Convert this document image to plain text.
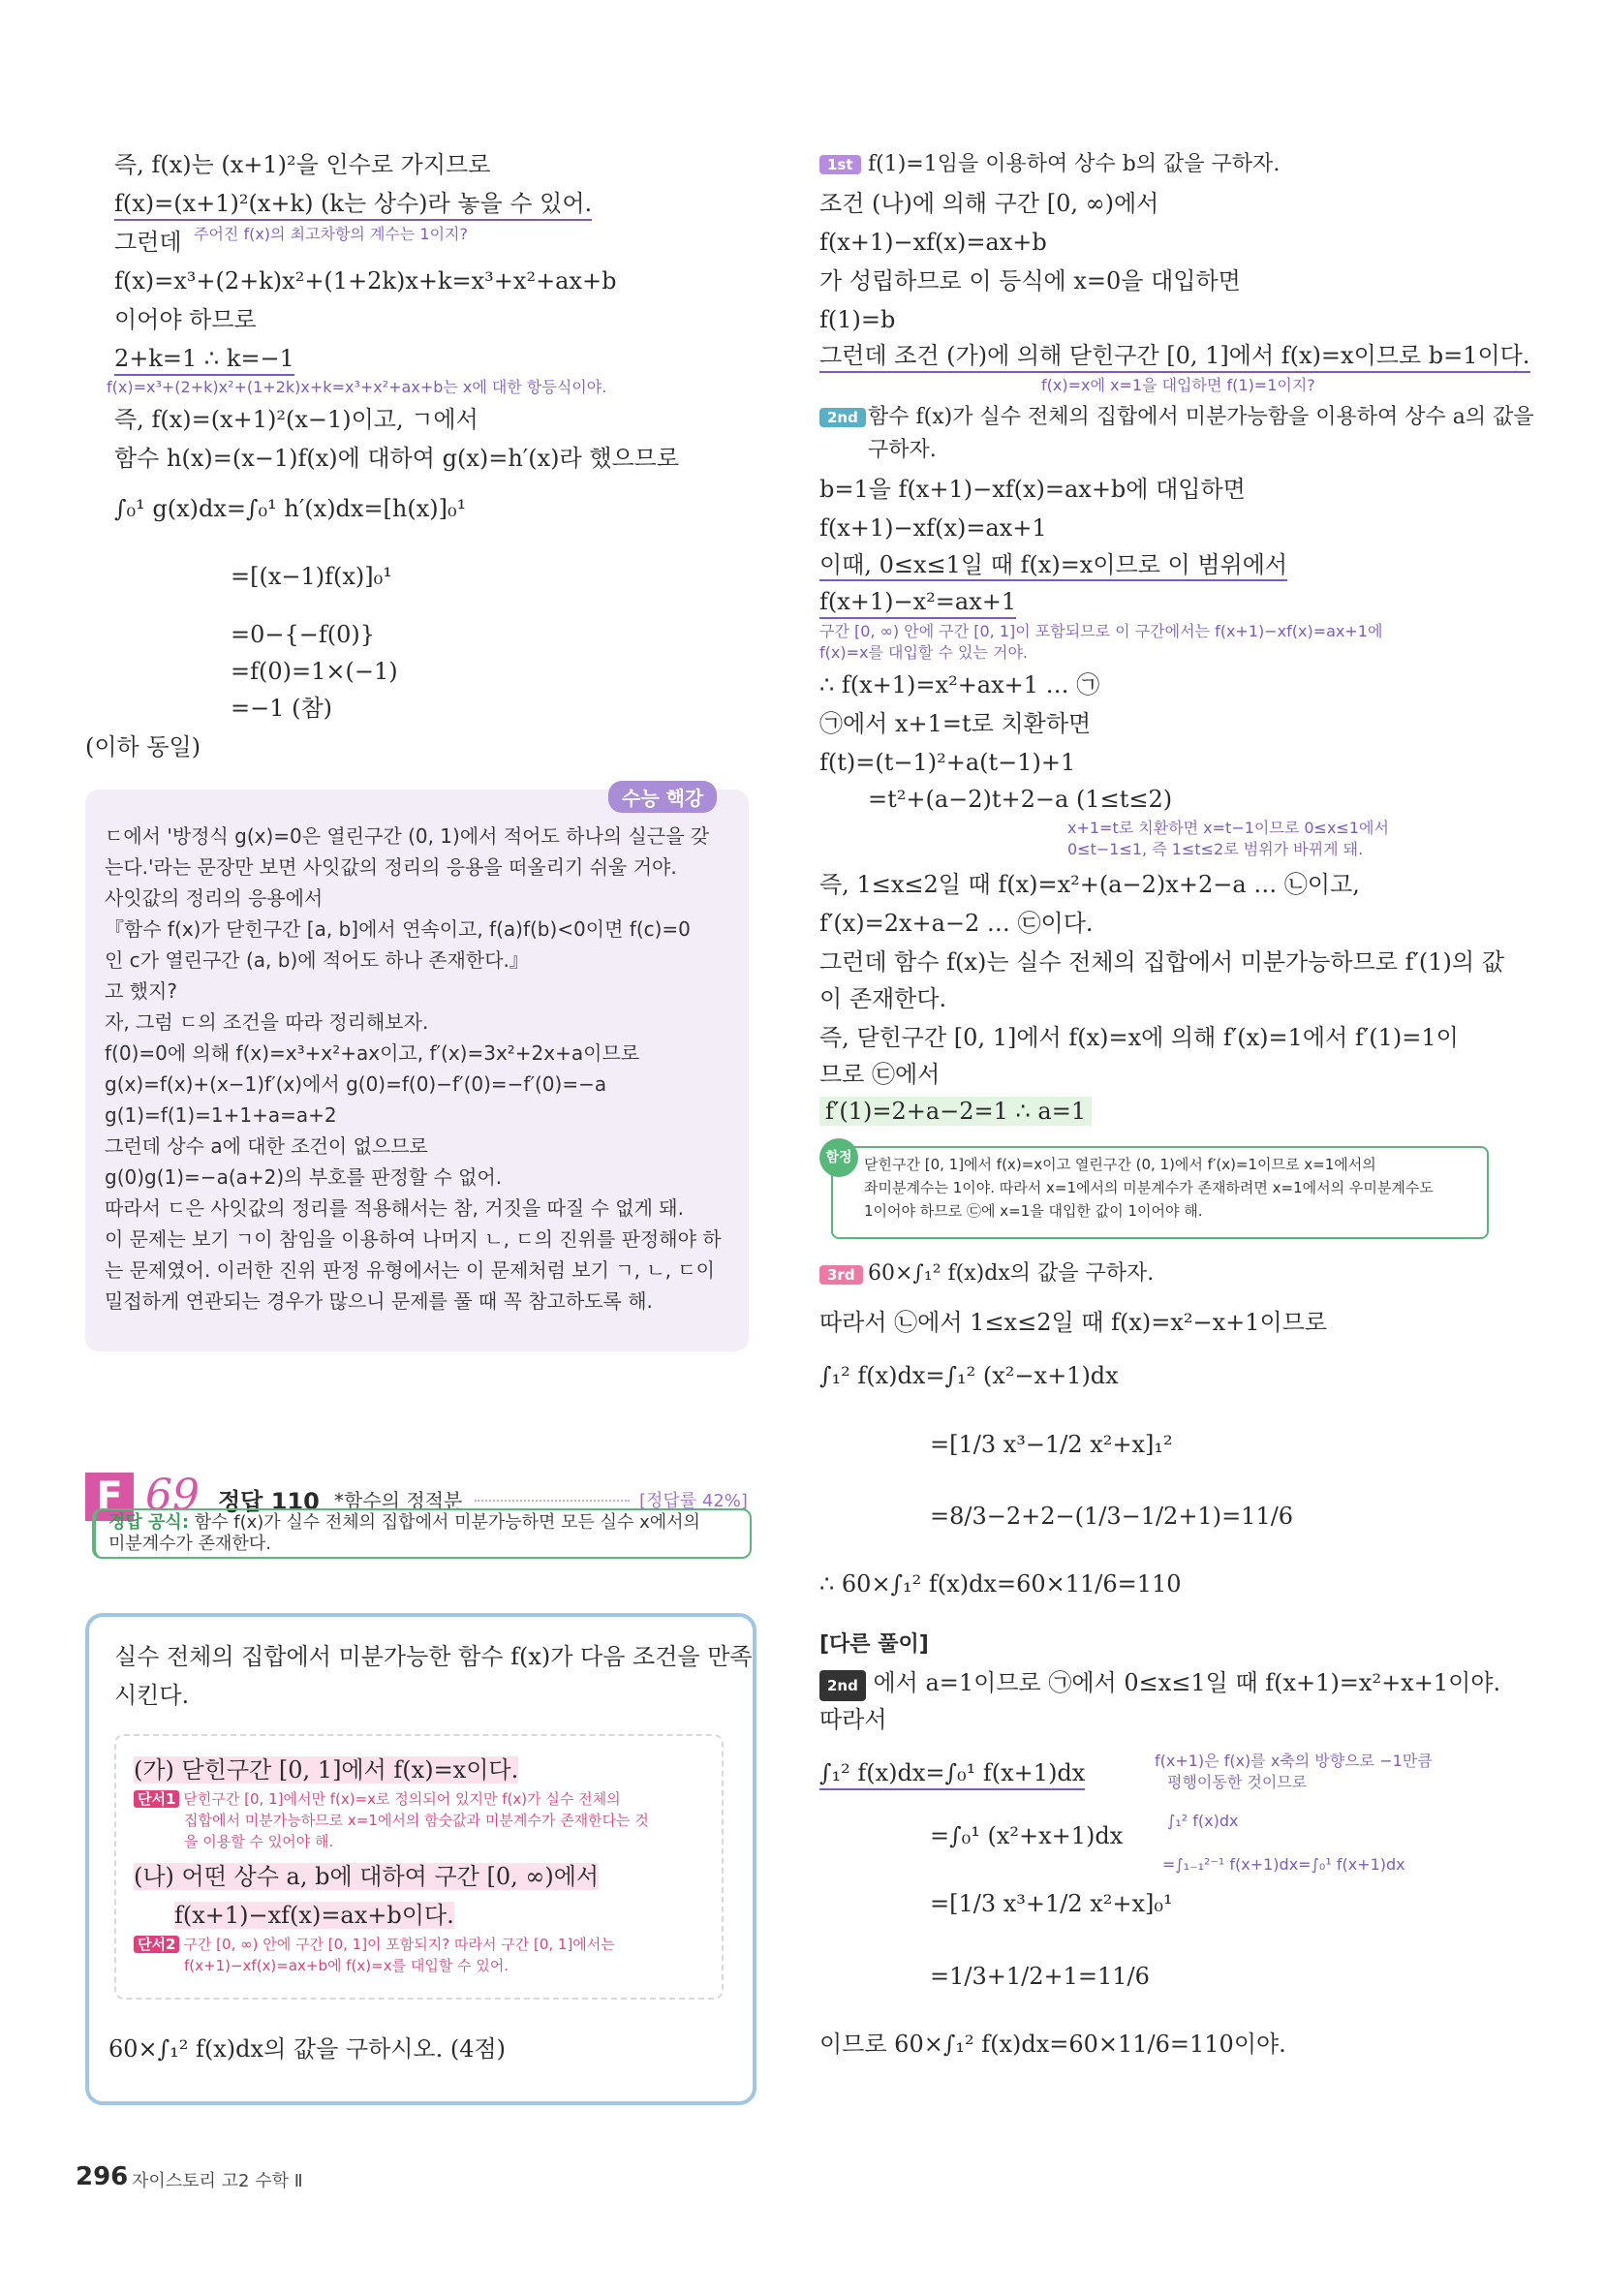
즉, f(x)는 (x+1)²을 인수로 가지므로
f(x)=(x+1)²(x+k) (k는 상수)라 놓을 수 있어.
그런데 주어진 f(x)의 최고차항의 계수는 1이지?
f(x)=x³+(2+k)x²+(1+2k)x+k=x³+x²+ax+b
이어야 하므로
2+k=1 ∴ k=−1
f(x)=x³+(2+k)x²+(1+2k)x+k=x³+x²+ax+b는 x에 대한 항등식이야.
즉, f(x)=(x+1)²(x−1)이고, ㄱ에서
함수 h(x)=(x−1)f(x)에 대하여 g(x)=h′(x)라 했으므로
∫₀¹ g(x)dx=∫₀¹ h′(x)dx=[h(x)]₀¹
=[(x−1)f(x)]₀¹
=0−{−f(0)}
=f(0)=1×(−1)
=−1 (참)
(이하 동일)
수능 핵강
ㄷ에서 '방정식 g(x)=0은 열린구간 (0, 1)에서 적어도 하나의 실근을 갖
는다.'라는 문장만 보면 사잇값의 정리의 응용을 떠올리기 쉬울 거야.
사잇값의 정리의 응용에서
『함수 f(x)가 닫힌구간 [a, b]에서 연속이고, f(a)f(b)<0이면 f(c)=0
인 c가 열린구간 (a, b)에 적어도 하나 존재한다.』
고 했지?
자, 그럼 ㄷ의 조건을 따라 정리해보자.
f(0)=0에 의해 f(x)=x³+x²+ax이고, f′(x)=3x²+2x+a이므로
g(x)=f(x)+(x−1)f′(x)에서 g(0)=f(0)−f′(0)=−f′(0)=−a
g(1)=f(1)=1+1+a=a+2
그런데 상수 a에 대한 조건이 없으므로
g(0)g(1)=−a(a+2)의 부호를 판정할 수 없어.
따라서 ㄷ은 사잇값의 정리를 적용해서는 참, 거짓을 따질 수 없게 돼.
이 문제는 보기 ㄱ이 참임을 이용하여 나머지 ㄴ, ㄷ의 진위를 판정해야 하
는 문제였어. 이러한 진위 판정 유형에서는 이 문제처럼 보기 ㄱ, ㄴ, ㄷ이
밀접하게 연관되는 경우가 많으니 문제를 풀 때 꼭 참고하도록 해.
F 69 정답 110 *함수의 정적분	[정답률 42%]
정답 공식: 함수 f(x)가 실수 전체의 집합에서 미분가능하면 모든 실수 x에서의
미분계수가 존재한다.
실수 전체의 집합에서 미분가능한 함수 f(x)가 다음 조건을 만족
시킨다.
(가) 닫힌구간 [0, 1]에서 f(x)=x이다.
단서1 닫힌구간 [0, 1]에서만 f(x)=x로 정의되어 있지만 f(x)가 실수 전체의
집합에서 미분가능하므로 x=1에서의 함숫값과 미분계수가 존재한다는 것
을 이용할 수 있어야 해.
(나) 어떤 상수 a, b에 대하여 구간 [0, ∞)에서
f(x+1)−xf(x)=ax+b이다.
단서2 구간 [0, ∞) 안에 구간 [0, 1]이 포함되지? 따라서 구간 [0, 1]에서는
f(x+1)−xf(x)=ax+b에 f(x)=x를 대입할 수 있어.
60×∫₁² f(x)dx의 값을 구하시오. (4점)
1st f(1)=1임을 이용하여 상수 b의 값을 구하자.
조건 (나)에 의해 구간 [0, ∞)에서
f(x+1)−xf(x)=ax+b
가 성립하므로 이 등식에 x=0을 대입하면
f(1)=b
그런데 조건 (가)에 의해 닫힌구간 [0, 1]에서 f(x)=x이므로 b=1이다.
f(x)=x에 x=1을 대입하면 f(1)=1이지?
2nd 함수 f(x)가 실수 전체의 집합에서 미분가능함을 이용하여 상수 a의 값을
구하자.
b=1을 f(x+1)−xf(x)=ax+b에 대입하면
f(x+1)−xf(x)=ax+1
이때, 0≤x≤1일 때 f(x)=x이므로 이 범위에서
f(x+1)−x²=ax+1
구간 [0, ∞) 안에 구간 [0, 1]이 포함되므로 이 구간에서는 f(x+1)−xf(x)=ax+1에
f(x)=x를 대입할 수 있는 거야.
∴ f(x+1)=x²+ax+1 … ㉠
㉠에서 x+1=t로 치환하면
f(t)=(t−1)²+a(t−1)+1
=t²+(a−2)t+2−a (1≤t≤2)
x+1=t로 치환하면 x=t−1이므로 0≤x≤1에서
0≤t−1≤1, 즉 1≤t≤2로 범위가 바뀌게 돼.
즉, 1≤x≤2일 때 f(x)=x²+(a−2)x+2−a … ㉡이고,
f′(x)=2x+a−2 … ㉢이다.
그런데 함수 f(x)는 실수 전체의 집합에서 미분가능하므로 f′(1)의 값
이 존재한다.
즉, 닫힌구간 [0, 1]에서 f(x)=x에 의해 f′(x)=1에서 f′(1)=1이
므로 ㉢에서
f′(1)=2+a−2=1 ∴ a=1
함정 닫힌구간 [0, 1]에서 f(x)=x이고 열린구간 (0, 1)에서 f′(x)=1이므로 x=1에서의
좌미분계수는 1이야. 따라서 x=1에서의 미분계수가 존재하려면 x=1에서의 우미분계수도
1이어야 하므로 ㉢에 x=1을 대입한 값이 1이어야 해.
3rd 60×∫₁² f(x)dx의 값을 구하자.
따라서 ㉡에서 1≤x≤2일 때 f(x)=x²−x+1이므로
∫₁² f(x)dx=∫₁² (x²−x+1)dx
=[1/3 x³−1/2 x²+x]₁²
=8/3−2+2−(1/3−1/2+1)=11/6
∴ 60×∫₁² f(x)dx=60×11/6=110
[다른 풀이]
2nd 에서 a=1이므로 ㉠에서 0≤x≤1일 때 f(x+1)=x²+x+1이야.
따라서
∫₁² f(x)dx=∫₀¹ f(x+1)dx	f(x+1)은 f(x)를 x축의 방향으로 −1만큼
평행이동한 것이므로
∫₁² f(x)dx
=∫₁₋₁²⁻¹ f(x+1)dx=∫₀¹ f(x+1)dx
=∫₀¹ (x²+x+1)dx
=[1/3 x³+1/2 x²+x]₀¹
=1/3+1/2+1=11/6
이므로 60×∫₁² f(x)dx=60×11/6=110이야.
296 자이스토리 고2 수학 Ⅱ
